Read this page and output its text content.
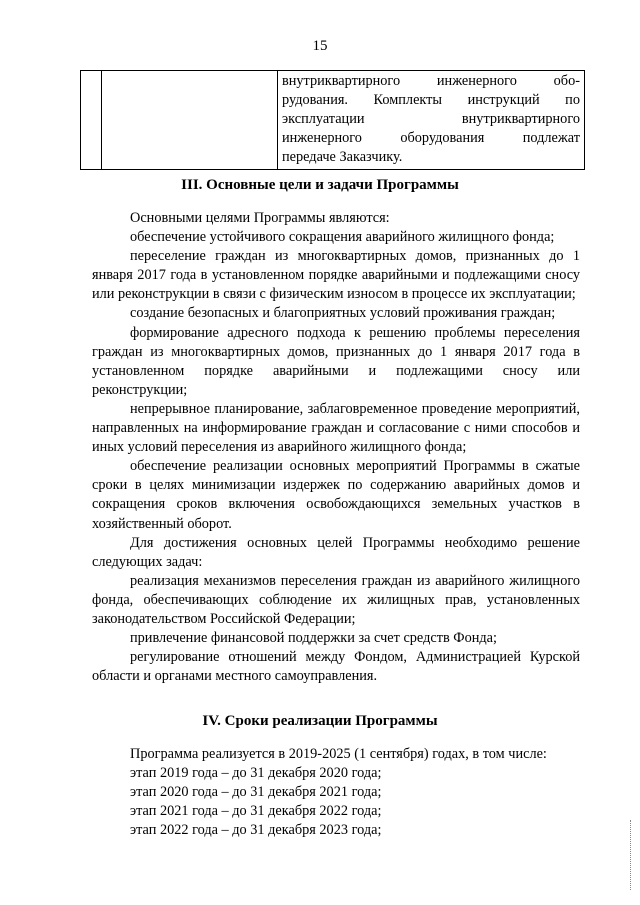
15

внутриквартирного инженерного обо-
рудования. Комплекты инструкций по
эксплуатации внутриквартирного
инженерного оборудования подлежат
передаче Заказчику.
III. Основные цели и задачи Программы

Основными целями Программы являются:

обеспечение устойчивого сокращения аварийного жилищного фонда;

переселение граждан из многоквартирных домов, признанных до 1 января 2017 года в установленном порядке аварийными и подлежащими сносу или реконструкции в связи с физическим износом в процессе их эксплуатации;

создание безопасных и благоприятных условий проживания граждан;

формирование адресного подхода к решению проблемы переселения граждан из многоквартирных домов, признанных до 1 января 2017 года в установленном порядке аварийными и подлежащими сносу или реконструкции;

непрерывное планирование, заблаговременное проведение мероприятий, направленных на информирование граждан и согласование с ними способов и иных условий переселения из аварийного жилищного фонда;

обеспечение реализации основных мероприятий Программы в сжатые сроки в целях минимизации издержек по содержанию аварийных домов и сокращения сроков включения освобождающихся земельных участков в хозяйственный оборот.

Для достижения основных целей Программы необходимо решение следующих задач:

реализация механизмов переселения граждан из аварийного жилищного фонда, обеспечивающих соблюдение их жилищных прав, установленных законодательством Российской Федерации;

привлечение финансовой поддержки за счет средств Фонда;

регулирование отношений между Фондом, Администрацией Курской области и органами местного самоуправления.

IV. Сроки реализации Программы

Программа реализуется в 2019-2025 (1 сентября) годах, в том числе:

этап 2019 года – до 31 декабря 2020 года;

этап 2020 года – до 31 декабря 2021 года;

этап 2021 года – до 31 декабря 2022 года;

этап 2022 года – до 31 декабря 2023 года;
